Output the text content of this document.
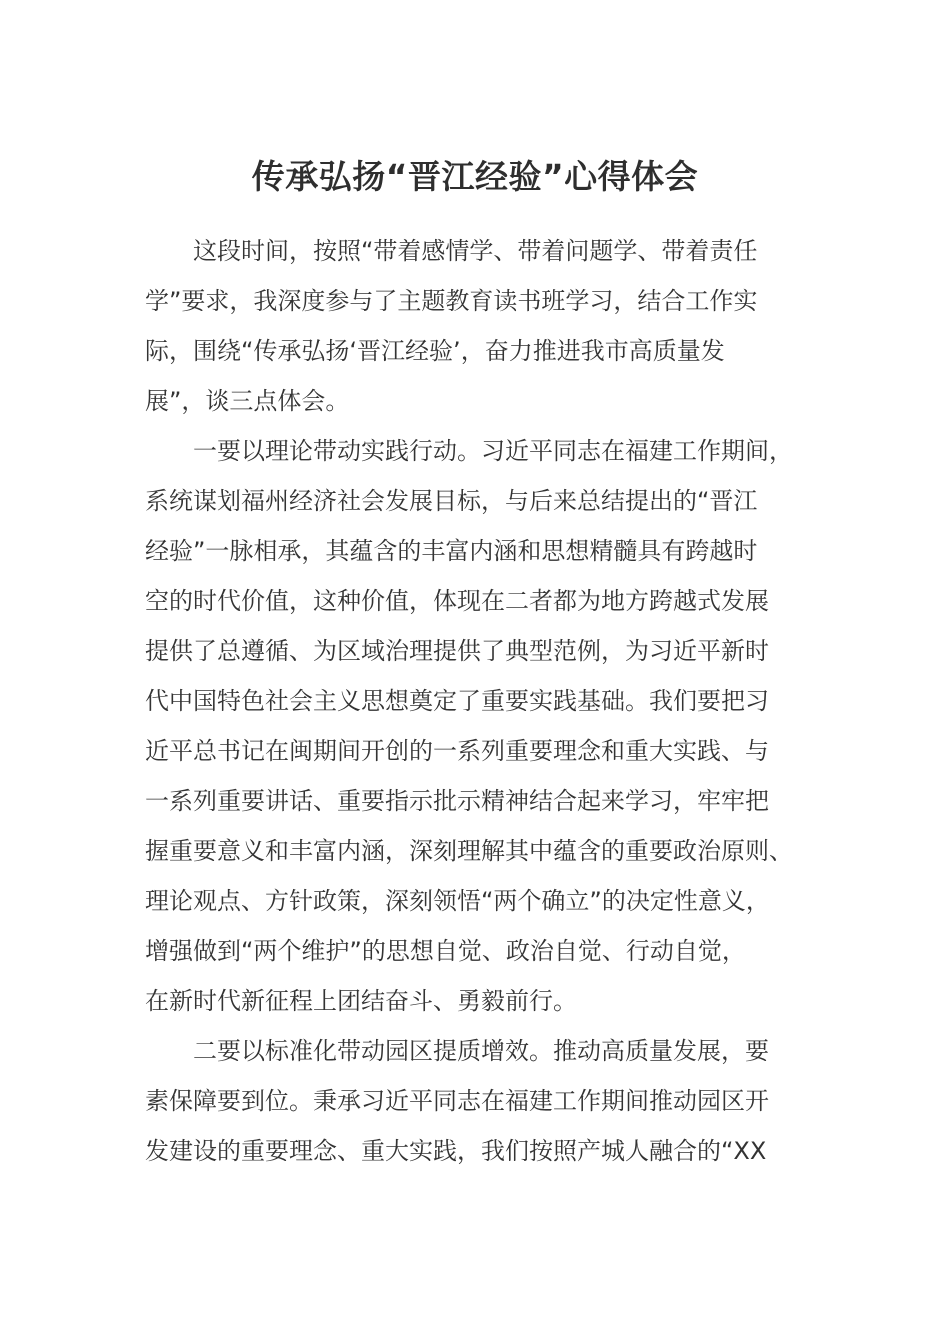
传承弘扬“晋江经验”心得体会
这段时间，按照“带着感情学、带着问题学、带着责任
学”要求，我深度参与了主题教育读书班学习，结合工作实
际，围绕“传承弘扬‘晋江经验’，奋力推进我市高质量发
展”，谈三点体会。
一要以理论带动实践行动。习近平同志在福建工作期间，
系统谋划福州经济社会发展目标，与后来总结提出的“晋江
经验”一脉相承，其蕴含的丰富内涵和思想精髓具有跨越时
空的时代价值，这种价值，体现在二者都为地方跨越式发展
提供了总遵循、为区域治理提供了典型范例，为习近平新时
代中国特色社会主义思想奠定了重要实践基础。我们要把习
近平总书记在闽期间开创的一系列重要理念和重大实践、与
一系列重要讲话、重要指示批示精神结合起来学习，牢牢把
握重要意义和丰富内涵，深刻理解其中蕴含的重要政治原则、
理论观点、方针政策，深刻领悟“两个确立”的决定性意义，
增强做到“两个维护”的思想自觉、政治自觉、行动自觉，
在新时代新征程上团结奋斗、勇毅前行。
二要以标准化带动园区提质增效。推动高质量发展，要
素保障要到位。秉承习近平同志在福建工作期间推动园区开
发建设的重要理念、重大实践，我们按照产城人融合的“XX
